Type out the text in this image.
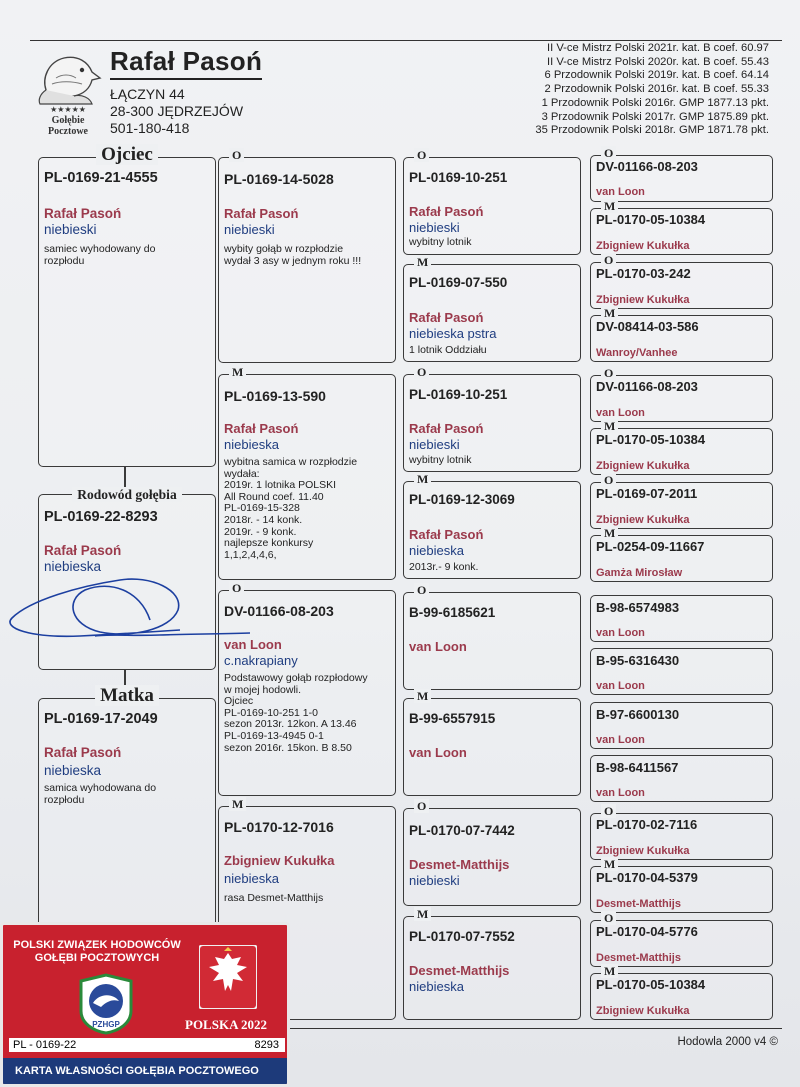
★★★★★
Gołębie
Pocztowe
Rafał Pasoń
ŁĄCZYN 44
28-300 JĘDRZEJÓW
501-180-418
II V-ce Mistrz Polski 2021r. kat. B coef. 60.97
II V-ce Mistrz Polski 2020r. kat. B coef. 55.43
6 Przodownik Polski 2019r. kat. B coef. 64.14
2 Przodownik Polski 2016r. kat. B coef. 55.33
1 Przodownik Polski 2016r. GMP 1877.13 pkt.
3 Przodownik Polski 2017r. GMP 1875.89 pkt.
35 Przodownik Polski 2018r. GMP 1871.78 pkt.
Ojciec
PL-0169-21-4555
Rafał Pasoń
niebieski
samiec wyhodowany do
rozpłodu
Rodowód gołębia
PL-0169-22-8293
Rafał Pasoń
niebieska
Matka
PL-0169-17-2049
Rafał Pasoń
niebieska
samica wyhodowana do
rozpłodu
O
PL-0169-14-5028
Rafał Pasoń
niebieski
wybity gołąb w rozpłodzie
wydał 3 asy w jednym roku !!!
M
PL-0169-13-590
Rafał Pasoń
niebieska
wybitna samica w rozpłodzie
wydała:
2019r. 1 lotnika POLSKI
All Round coef. 11.40
PL-0169-15-328
2018r. - 14 konk.
2019r. - 9 konk.
najlepsze konkursy
1,1,2,4,4,6,
O
DV-01166-08-203
van Loon
c.nakrapiany
Podstawowy gołąb rozpłodowy
w mojej hodowli.
Ojciec
PL-0169-10-251 1-0
sezon 2013r. 12kon. A 13.46
PL-0169-13-4945 0-1
sezon 2016r. 15kon. B 8.50
M
PL-0170-12-7016
Zbigniew Kukułka
niebieska
rasa Desmet-Matthijs
O
PL-0169-10-251
Rafał Pasoń
niebieski
wybitny lotnik
M
PL-0169-07-550
Rafał Pasoń
niebieska pstra
1 lotnik Oddziału
O
PL-0169-10-251
Rafał Pasoń
niebieski
wybitny lotnik
M
PL-0169-12-3069
Rafał Pasoń
niebieska
2013r.- 9 konk.
O
B-99-6185621
van Loon
M
B-99-6557915
van Loon
O
PL-0170-07-7442
Desmet-Matthijs
niebieski
M
PL-0170-07-7552
Desmet-Matthijs
niebieska
O
DV-01166-08-203
van Loon
M
PL-0170-05-10384
Zbigniew Kukułka
O
PL-0170-03-242
Zbigniew Kukułka
M
DV-08414-03-586
Wanroy/Vanhee
O
DV-01166-08-203
van Loon
M
PL-0170-05-10384
Zbigniew Kukułka
O
PL-0169-07-2011
Zbigniew Kukułka
M
PL-0254-09-11667
Gamża Mirosław
B-98-6574983
van Loon
B-95-6316430
van Loon
B-97-6600130
van Loon
B-98-6411567
van Loon
O
PL-0170-02-7116
Zbigniew Kukułka
M
PL-0170-04-5379
Desmet-Matthijs
O
PL-0170-04-5776
Desmet-Matthijs
M
PL-0170-05-10384
Zbigniew Kukułka
Hodowla 2000 v4 ©
POLSKI ZWIĄZEK HODOWCÓW
GOŁĘBI POCZTOWYCH
PZHGP	POLSKA 2022
PL - 0169-22	8293
KARTA WŁASNOŚCI GOŁĘBIA POCZTOWEGO
